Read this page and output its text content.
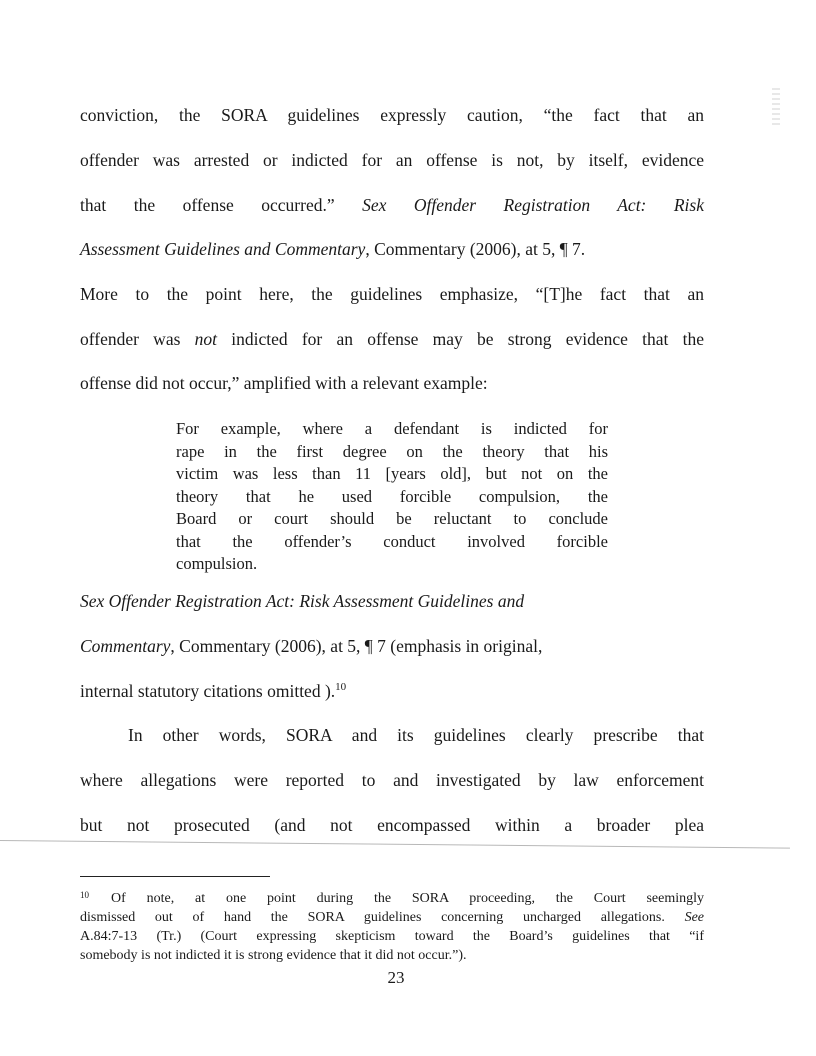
conviction, the SORA guidelines expressly caution, “the fact that an
offender was arrested or indicted for an offense is not, by itself, evidence
that the offense occurred.” Sex Offender Registration Act: Risk
Assessment Guidelines and Commentary, Commentary (2006), at 5, ¶ 7.
More to the point here, the guidelines emphasize, “[T]he fact that an
offender was not indicted for an offense may be strong evidence that the
offense did not occur,” amplified with a relevant example:
For example, where a defendant is indicted for
rape in the first degree on the theory that his
victim was less than 11 [years old], but not on the
theory that he used forcible compulsion, the
Board or court should be reluctant to conclude
that the offender’s conduct involved forcible
compulsion.
Sex Offender Registration Act: Risk Assessment Guidelines and
Commentary, Commentary (2006), at 5, ¶ 7 (emphasis in original,
internal statutory citations omitted ).$^{10}$
In other words, SORA and its guidelines clearly prescribe that
where allegations were reported to and investigated by law enforcement
but not prosecuted (and not encompassed within a broader plea
$^{10}$ Of note, at one point during the SORA proceeding, the Court seemingly
dismissed out of hand the SORA guidelines concerning uncharged allegations. See
A.84:7-13 (Tr.) (Court expressing skepticism toward the Board’s guidelines that “if
somebody is not indicted it is strong evidence that it did not occur.”).
23
